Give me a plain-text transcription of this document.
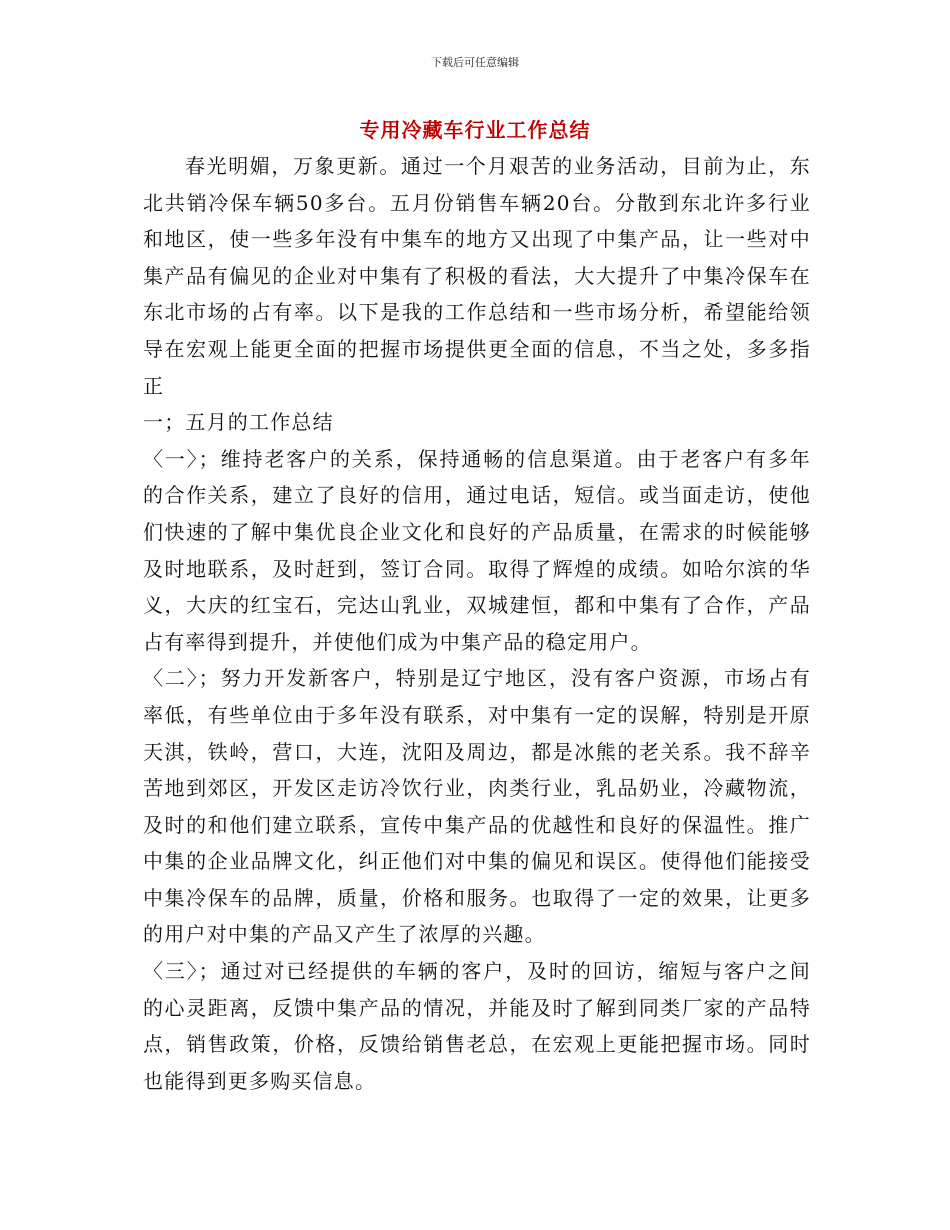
下载后可任意编辑
专用冷藏车行业工作总结

春光明媚，万象更新。通过一个月艰苦的业务活动，目前为止，东北共销冷保车辆50多台。五月份销售车辆20台。分散到东北许多行业和地区，使一些多年没有中集车的地方又出现了中集产品，让一些对中集产品有偏见的企业对中集有了积极的看法，大大提升了中集冷保车在东北市场的占有率。以下是我的工作总结和一些市场分析，希望能给领导在宏观上能更全面的把握市场提供更全面的信息，不当之处，多多指正

一；五月的工作总结

〈一〉；维持老客户的关系，保持通畅的信息渠道。由于老客户有多年的合作关系，建立了良好的信用，通过电话，短信。或当面走访，使他们快速的了解中集优良企业文化和良好的产品质量，在需求的时候能够及时地联系，及时赶到，签订合同。取得了辉煌的成绩。如哈尔滨的华义，大庆的红宝石，完达山乳业，双城建恒，都和中集有了合作，产品占有率得到提升，并使他们成为中集产品的稳定用户。

〈二〉；努力开发新客户，特别是辽宁地区，没有客户资源，市场占有率低，有些单位由于多年没有联系，对中集有一定的误解，特别是开原天淇，铁岭，营口，大连，沈阳及周边，都是冰熊的老关系。我不辞辛苦地到郊区，开发区走访冷饮行业，肉类行业，乳品奶业，冷藏物流，及时的和他们建立联系，宣传中集产品的优越性和良好的保温性。推广中集的企业品牌文化，纠正他们对中集的偏见和误区。使得他们能接受中集冷保车的品牌，质量，价格和服务。也取得了一定的效果，让更多的用户对中集的产品又产生了浓厚的兴趣。

〈三〉；通过对已经提供的车辆的客户，及时的回访，缩短与客户之间的心灵距离，反馈中集产品的情况，并能及时了解到同类厂家的产品特点，销售政策，价格，反馈给销售老总，在宏观上更能把握市场。同时也能得到更多购买信息。
